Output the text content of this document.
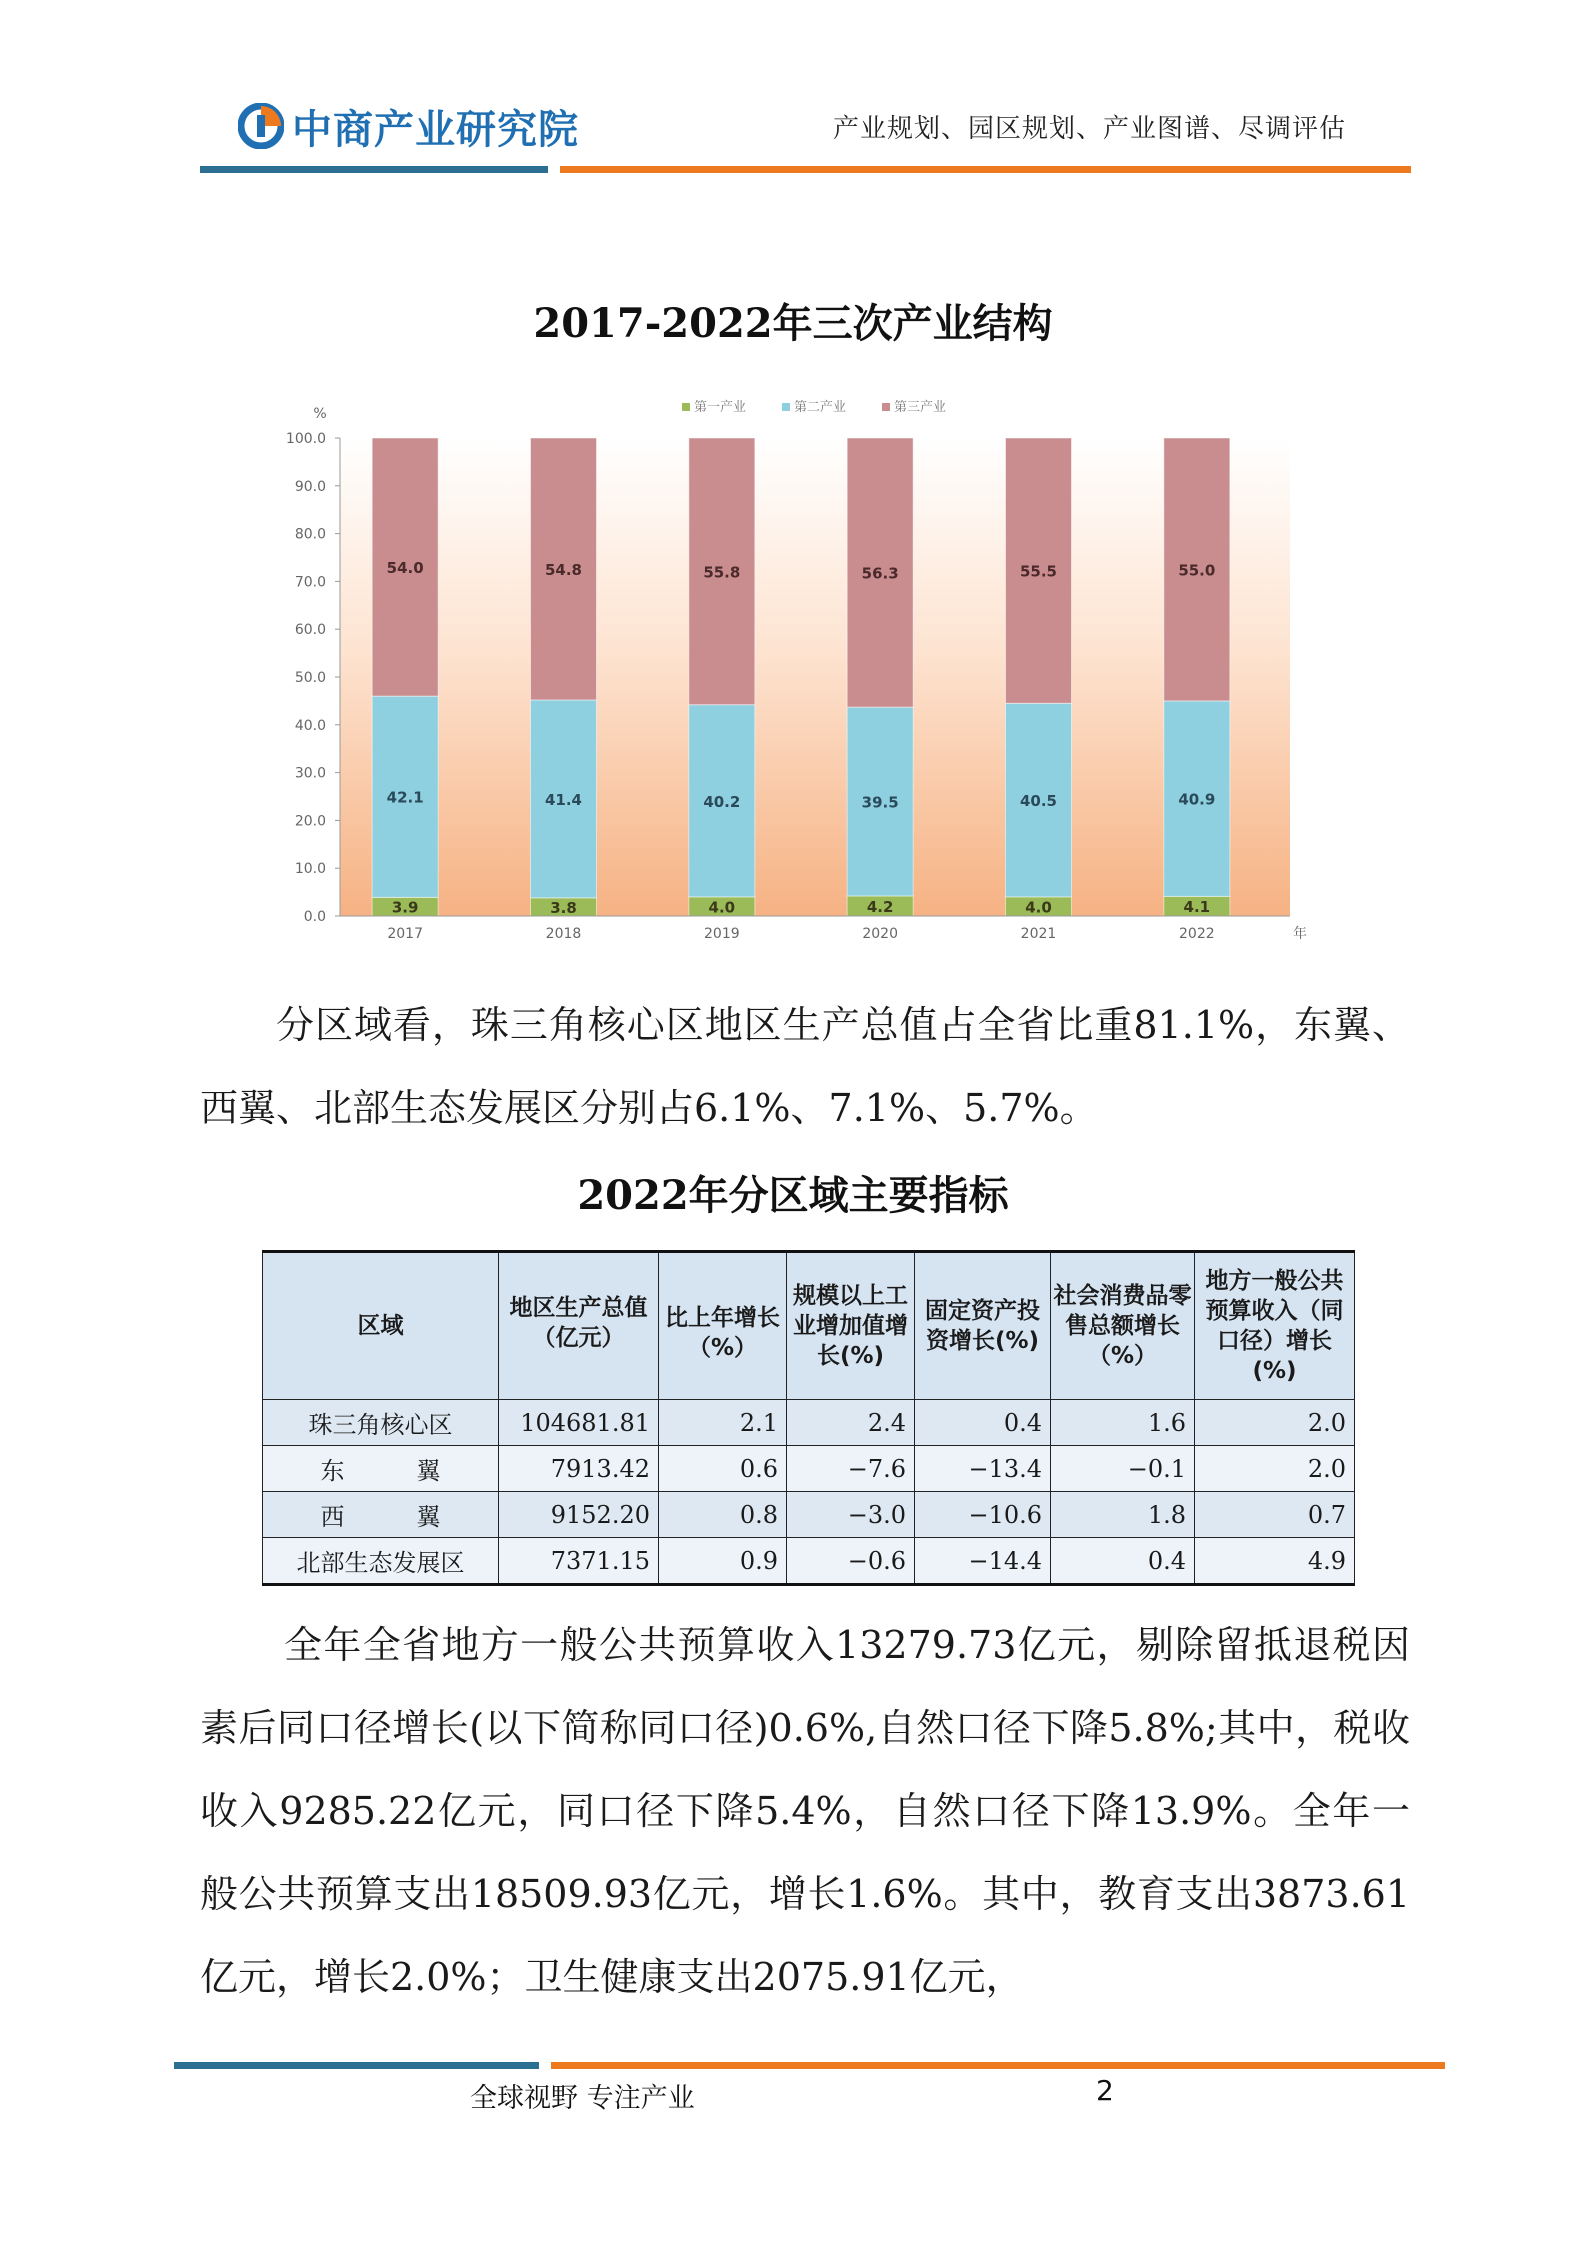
中商产业研究院	产业规划、园区规划、产业图谱、尽调评估
2017-2022年三次产业结构
第一产业	第二产业	第三产业
%
0.0
10.0
20.0
30.0
40.0
50.0
60.0
70.0
80.0
90.0
100.0
3.9
42.1
54.0
3.8
41.4
54.8
4.0
40.2
55.8
4.2
39.5
56.3
4.0
40.5
55.5
4.1
40.9
55.0
2017	2018	2019	2020	2021	2022	年

分区域看，珠三角核心区地区生产总值占全省比重81.1%，东翼、西翼、北部生态发展区分别占6.1%、7.1%、5.7%。

2022年分区域主要指标
区域	地区生产总值（亿元）	比上年增长（%）	规模以上工业增加值增长(%)	固定资产投资增长(%)	社会消费品零售总额增长（%）	地方一般公共预算收入（同口径）增长(%)
珠三角核心区	104681.81	2.1	2.4	0.4	1.6	2.0
东　　　翼	7913.42	0.6	−7.6	−13.4	−0.1	2.0
西　　　翼	9152.20	0.8	−3.0	−10.6	1.8	0.7
北部生态发展区	7371.15	0.9	−0.6	−14.4	0.4	4.9

全年全省地方一般公共预算收入13279.73亿元，剔除留抵退税因素后同口径增长(以下简称同口径)0.6%,自然口径下降5.8%;其中，税收收入9285.22亿元，同口径下降5.4%，自然口径下降13.9%。全年一般公共预算支出18509.93亿元，增长1.6%。其中，教育支出3873.61亿元，增长2.0%；卫生健康支出2075.91亿元，

全球视野 专注产业	2
